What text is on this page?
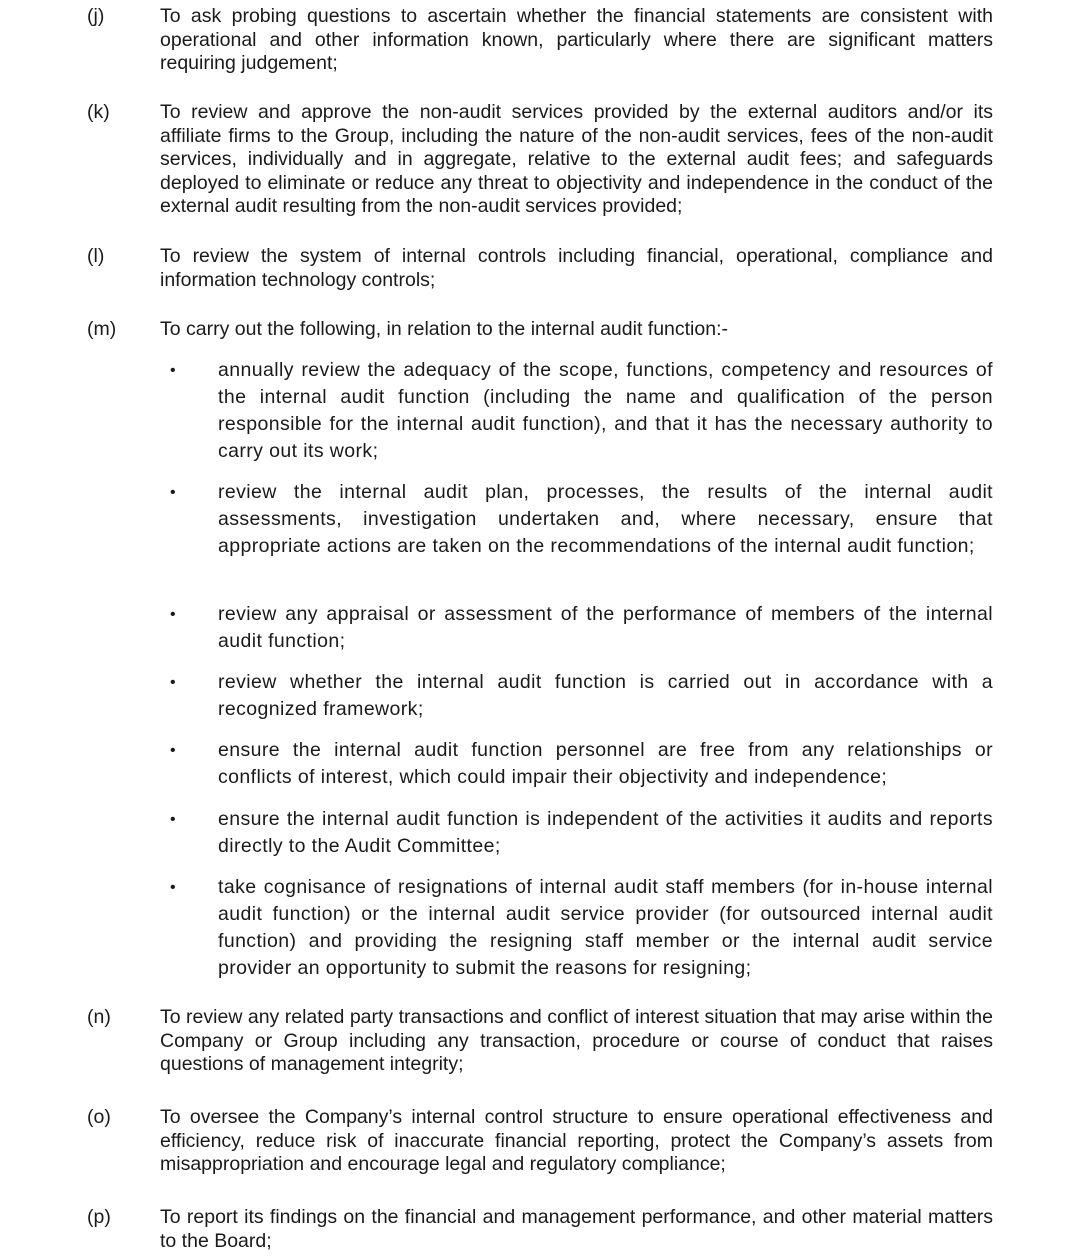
(j)	To ask probing questions to ascertain whether the financial statements are consistent with operational and other information known, particularly where there are significant matters requiring judgement;
(k)	To review and approve the non-audit services provided by the external auditors and/or its affiliate firms to the Group, including the nature of the non-audit services, fees of the non-audit services, individually and in aggregate, relative to the external audit fees; and safeguards deployed to eliminate or reduce any threat to objectivity and independence in the conduct of the external audit resulting from the non-audit services provided;
(l)	To review the system of internal controls including financial, operational, compliance and information technology controls;
(m)	To carry out the following, in relation to the internal audit function:-
•	annually review the adequacy of the scope, functions, competency and resources of the internal audit function (including the name and qualification of the person responsible for the internal audit function), and that it has the necessary authority to carry out its work;
•	review the internal audit plan, processes, the results of the internal audit assessments, investigation undertaken and, where necessary, ensure that appropriate actions are taken on the recommendations of the internal audit function;
•	review any appraisal or assessment of the performance of members of the internal audit function;
•	review whether the internal audit function is carried out in accordance with a recognized framework;
•	ensure the internal audit function personnel are free from any relationships or conflicts of interest, which could impair their objectivity and independence;
•	ensure the internal audit function is independent of the activities it audits and reports directly to the Audit Committee;
•	take cognisance of resignations of internal audit staff members (for in-house internal audit function) or the internal audit service provider (for outsourced internal audit function) and providing the resigning staff member or the internal audit service provider an opportunity to submit the reasons for resigning;
(n)	To review any related party transactions and conflict of interest situation that may arise within the Company or Group including any transaction, procedure or course of conduct that raises questions of management integrity;
(o)	To oversee the Company’s internal control structure to ensure operational effectiveness and efficiency, reduce risk of inaccurate financial reporting, protect the Company’s assets from misappropriation and encourage legal and regulatory compliance;
(p)	To report its findings on the financial and management performance, and other material matters to the Board;
